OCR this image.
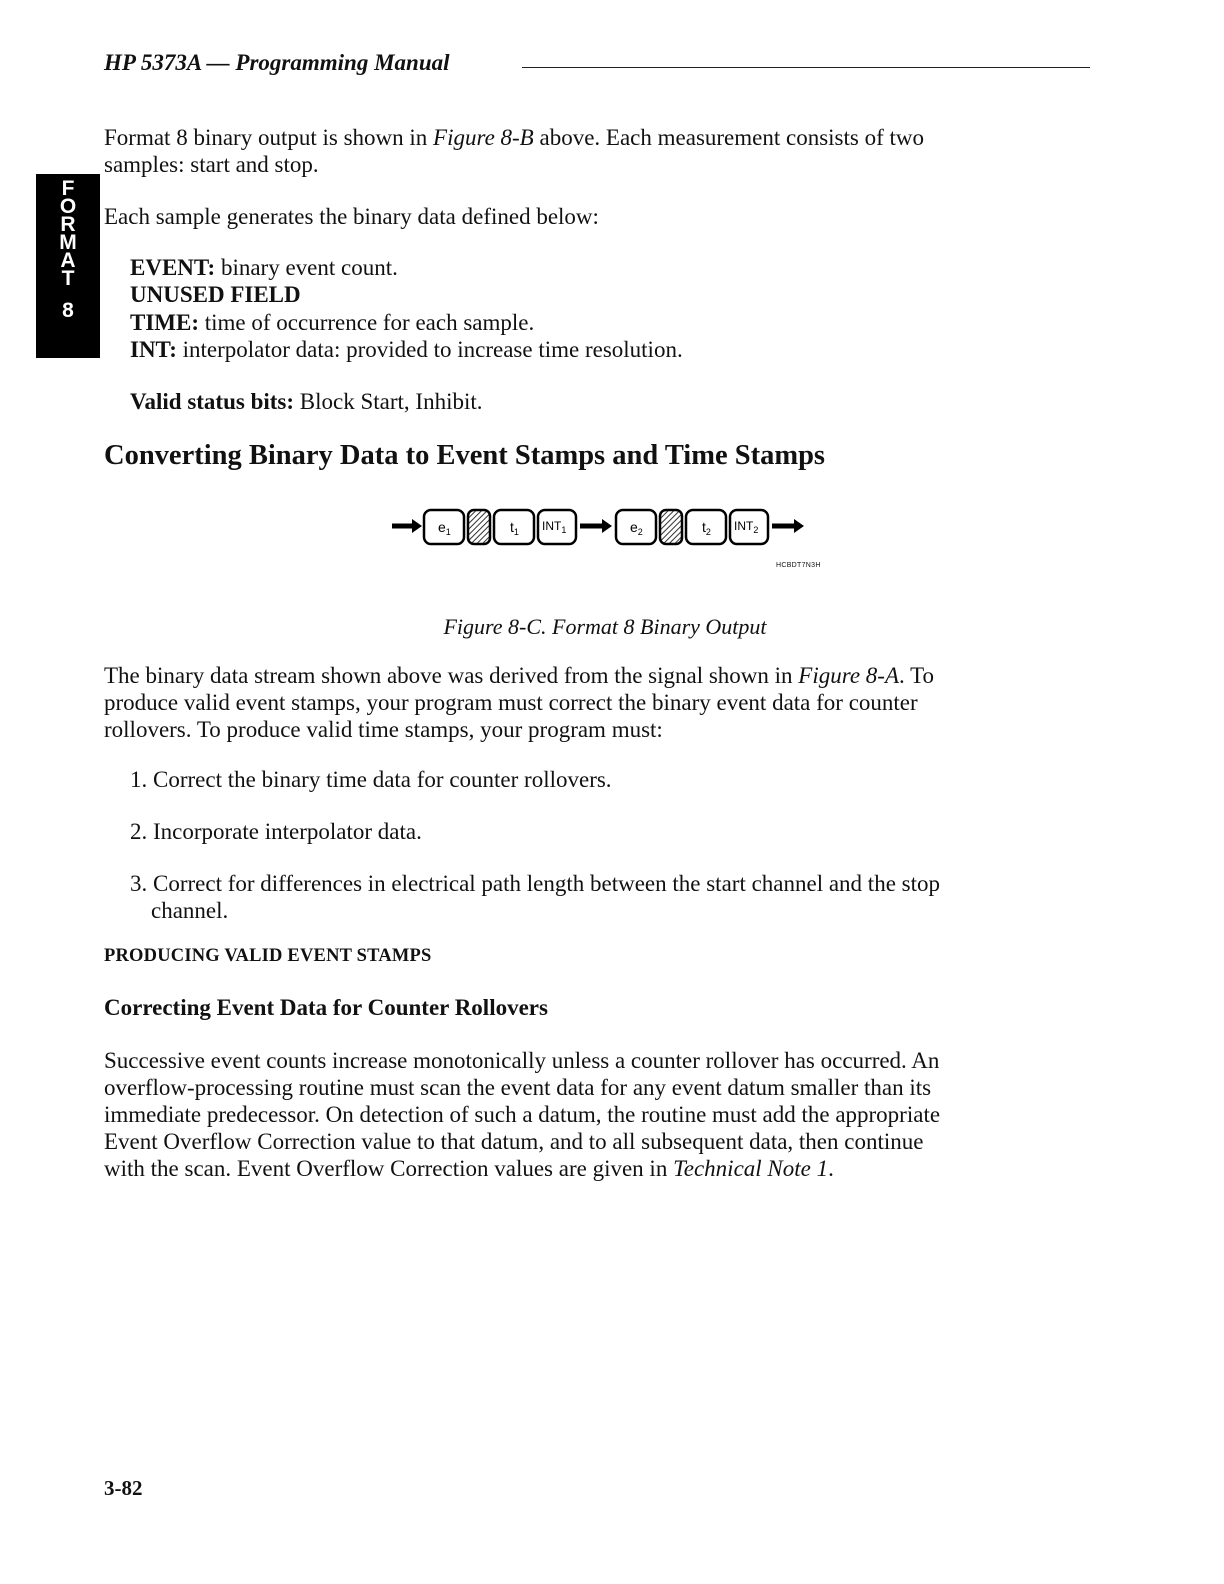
HP 5373A — Programming Manual
F
O
R
M
A
T
8
Format 8 binary output is shown in Figure 8-B above. Each measurement consists of two
samples: start and stop.
Each sample generates the binary data defined below:
EVENT: binary event count.
UNUSED FIELD
TIME: time of occurrence for each sample.
INT: interpolator data: provided to increase time resolution.
Valid status bits: Block Start, Inhibit.
Converting Binary Data to Event Stamps and Time Stamps
$e_1$	$t_1$ $INT_1$	$e_2$	$t_2$ $INT_2$
HCBDT7N3H
Figure 8-C. Format 8 Binary Output
The binary data stream shown above was derived from the signal shown in Figure 8-A. To
produce valid event stamps, your program must correct the binary event data for counter
rollovers. To produce valid time stamps, your program must:
1. Correct the binary time data for counter rollovers.
2. Incorporate interpolator data.
3. Correct for differences in electrical path length between the start channel and the stop
channel.
PRODUCING VALID EVENT STAMPS
Correcting Event Data for Counter Rollovers
Successive event counts increase monotonically unless a counter rollover has occurred. An
overflow-processing routine must scan the event data for any event datum smaller than its
immediate predecessor. On detection of such a datum, the routine must add the appropriate
Event Overflow Correction value to that datum, and to all subsequent data, then continue
with the scan. Event Overflow Correction values are given in Technical Note 1.
3-82
